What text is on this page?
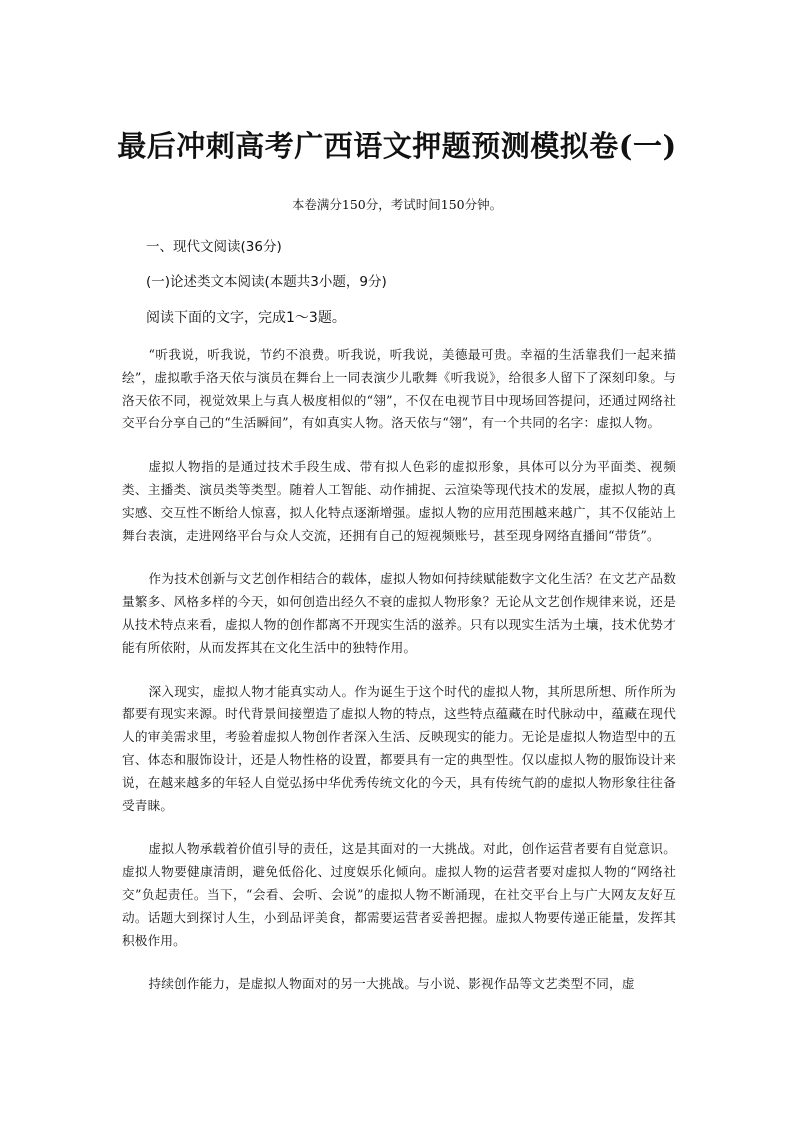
最后冲刺高考广西语文押题预测模拟卷(一)
本卷满分150分，考试时间150分钟。
一、现代文阅读(36分)
(一)论述类文本阅读(本题共3小题，9分)
阅读下面的文字，完成1～3题。

“听我说，听我说，节约不浪费。听我说，听我说，美德最可贵。幸福的生活靠我们一起来描绘”，虚拟歌手洛天依与演员在舞台上一同表演少儿歌舞《听我说》，给很多人留下了深刻印象。与洛天依不同，视觉效果上与真人极度相似的“翎”，不仅在电视节目中现场回答提问，还通过网络社交平台分享自己的“生活瞬间”，有如真实人物。洛天依与“翎”，有一个共同的名字：虚拟人物。

虚拟人物指的是通过技术手段生成、带有拟人色彩的虚拟形象，具体可以分为平面类、视频类、主播类、演员类等类型。随着人工智能、动作捕捉、云渲染等现代技术的发展，虚拟人物的真实感、交互性不断给人惊喜，拟人化特点逐渐增强。虚拟人物的应用范围越来越广，其不仅能站上舞台表演，走进网络平台与众人交流，还拥有自己的短视频账号，甚至现身网络直播间“带货”。

作为技术创新与文艺创作相结合的载体，虚拟人物如何持续赋能数字文化生活？在文艺产品数量繁多、风格多样的今天，如何创造出经久不衰的虚拟人物形象？无论从文艺创作规律来说，还是从技术特点来看，虚拟人物的创作都离不开现实生活的滋养。只有以现实生活为土壤，技术优势才能有所依附，从而发挥其在文化生活中的独特作用。

深入现实，虚拟人物才能真实动人。作为诞生于这个时代的虚拟人物，其所思所想、所作所为都要有现实来源。时代背景间接塑造了虚拟人物的特点，这些特点蕴藏在时代脉动中，蕴藏在现代人的审美需求里，考验着虚拟人物创作者深入生活、反映现实的能力。无论是虚拟人物造型中的五官、体态和服饰设计，还是人物性格的设置，都要具有一定的典型性。仅以虚拟人物的服饰设计来说，在越来越多的年轻人自觉弘扬中华优秀传统文化的今天，具有传统气韵的虚拟人物形象往往备受青睐。

虚拟人物承载着价值引导的责任，这是其面对的一大挑战。对此，创作运营者要有自觉意识。虚拟人物要健康清朗，避免低俗化、过度娱乐化倾向。虚拟人物的运营者要对虚拟人物的“网络社交”负起责任。当下，“会看、会听、会说”的虚拟人物不断涌现，在社交平台上与广大网友友好互动。话题大到探讨人生，小到品评美食，都需要运营者妥善把握。虚拟人物要传递正能量，发挥其积极作用。

持续创作能力，是虚拟人物面对的另一大挑战。与小说、影视作品等文艺类型不同，虚
